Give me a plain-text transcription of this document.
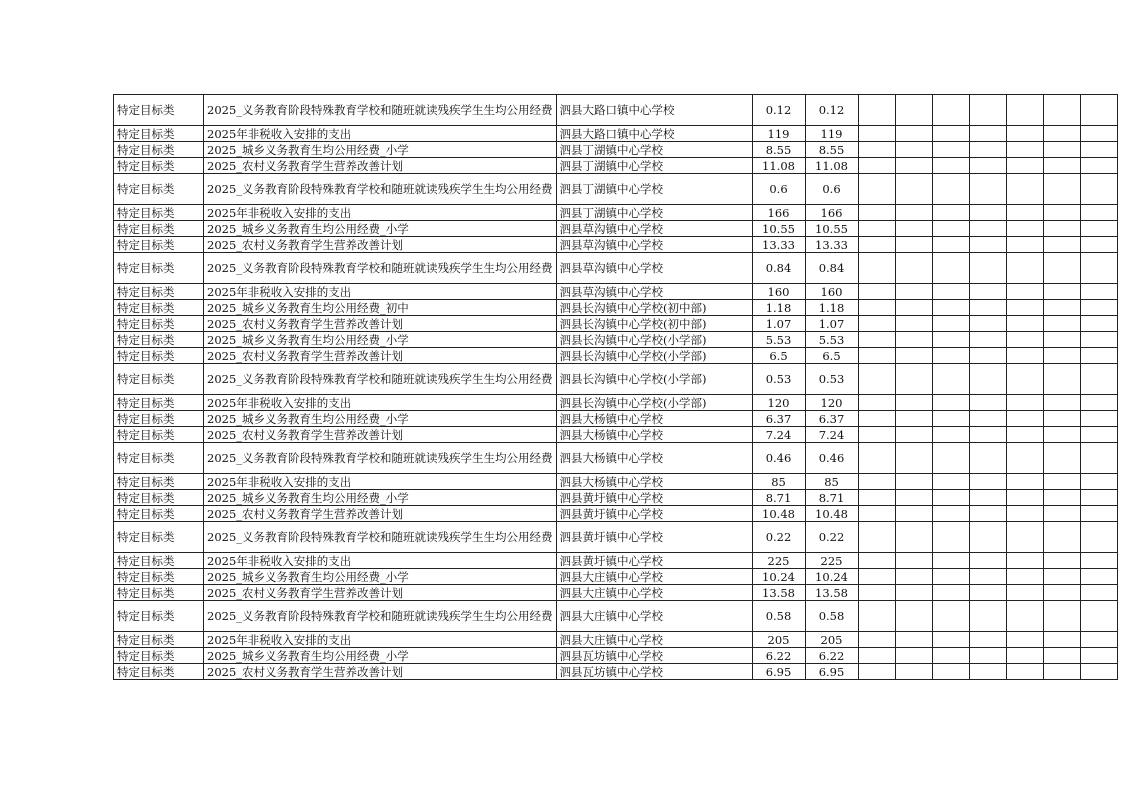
特定目标类	2025_义务教育阶段特殊教育学校和随班就读残疾学生生均公用经费	泗县大路口镇中心学校	0.12	0.12							
特定目标类	2025年非税收入安排的支出	泗县大路口镇中心学校	119	119							
特定目标类	2025_城乡义务教育生均公用经费_小学	泗县丁湖镇中心学校	8.55	8.55							
特定目标类	2025_农村义务教育学生营养改善计划	泗县丁湖镇中心学校	11.08	11.08							
特定目标类	2025_义务教育阶段特殊教育学校和随班就读残疾学生生均公用经费	泗县丁湖镇中心学校	0.6	0.6							
特定目标类	2025年非税收入安排的支出	泗县丁湖镇中心学校	166	166							
特定目标类	2025_城乡义务教育生均公用经费_小学	泗县草沟镇中心学校	10.55	10.55							
特定目标类	2025_农村义务教育学生营养改善计划	泗县草沟镇中心学校	13.33	13.33							
特定目标类	2025_义务教育阶段特殊教育学校和随班就读残疾学生生均公用经费	泗县草沟镇中心学校	0.84	0.84							
特定目标类	2025年非税收入安排的支出	泗县草沟镇中心学校	160	160							
特定目标类	2025_城乡义务教育生均公用经费_初中	泗县长沟镇中心学校(初中部)	1.18	1.18							
特定目标类	2025_农村义务教育学生营养改善计划	泗县长沟镇中心学校(初中部)	1.07	1.07							
特定目标类	2025_城乡义务教育生均公用经费_小学	泗县长沟镇中心学校(小学部)	5.53	5.53							
特定目标类	2025_农村义务教育学生营养改善计划	泗县长沟镇中心学校(小学部)	6.5	6.5							
特定目标类	2025_义务教育阶段特殊教育学校和随班就读残疾学生生均公用经费	泗县长沟镇中心学校(小学部)	0.53	0.53							
特定目标类	2025年非税收入安排的支出	泗县长沟镇中心学校(小学部)	120	120							
特定目标类	2025_城乡义务教育生均公用经费_小学	泗县大杨镇中心学校	6.37	6.37							
特定目标类	2025_农村义务教育学生营养改善计划	泗县大杨镇中心学校	7.24	7.24							
特定目标类	2025_义务教育阶段特殊教育学校和随班就读残疾学生生均公用经费	泗县大杨镇中心学校	0.46	0.46							
特定目标类	2025年非税收入安排的支出	泗县大杨镇中心学校	85	85							
特定目标类	2025_城乡义务教育生均公用经费_小学	泗县黄圩镇中心学校	8.71	8.71							
特定目标类	2025_农村义务教育学生营养改善计划	泗县黄圩镇中心学校	10.48	10.48							
特定目标类	2025_义务教育阶段特殊教育学校和随班就读残疾学生生均公用经费	泗县黄圩镇中心学校	0.22	0.22							
特定目标类	2025年非税收入安排的支出	泗县黄圩镇中心学校	225	225							
特定目标类	2025_城乡义务教育生均公用经费_小学	泗县大庄镇中心学校	10.24	10.24							
特定目标类	2025_农村义务教育学生营养改善计划	泗县大庄镇中心学校	13.58	13.58							
特定目标类	2025_义务教育阶段特殊教育学校和随班就读残疾学生生均公用经费	泗县大庄镇中心学校	0.58	0.58							
特定目标类	2025年非税收入安排的支出	泗县大庄镇中心学校	205	205							
特定目标类	2025_城乡义务教育生均公用经费_小学	泗县瓦坊镇中心学校	6.22	6.22							
特定目标类	2025_农村义务教育学生营养改善计划	泗县瓦坊镇中心学校	6.95	6.95							
